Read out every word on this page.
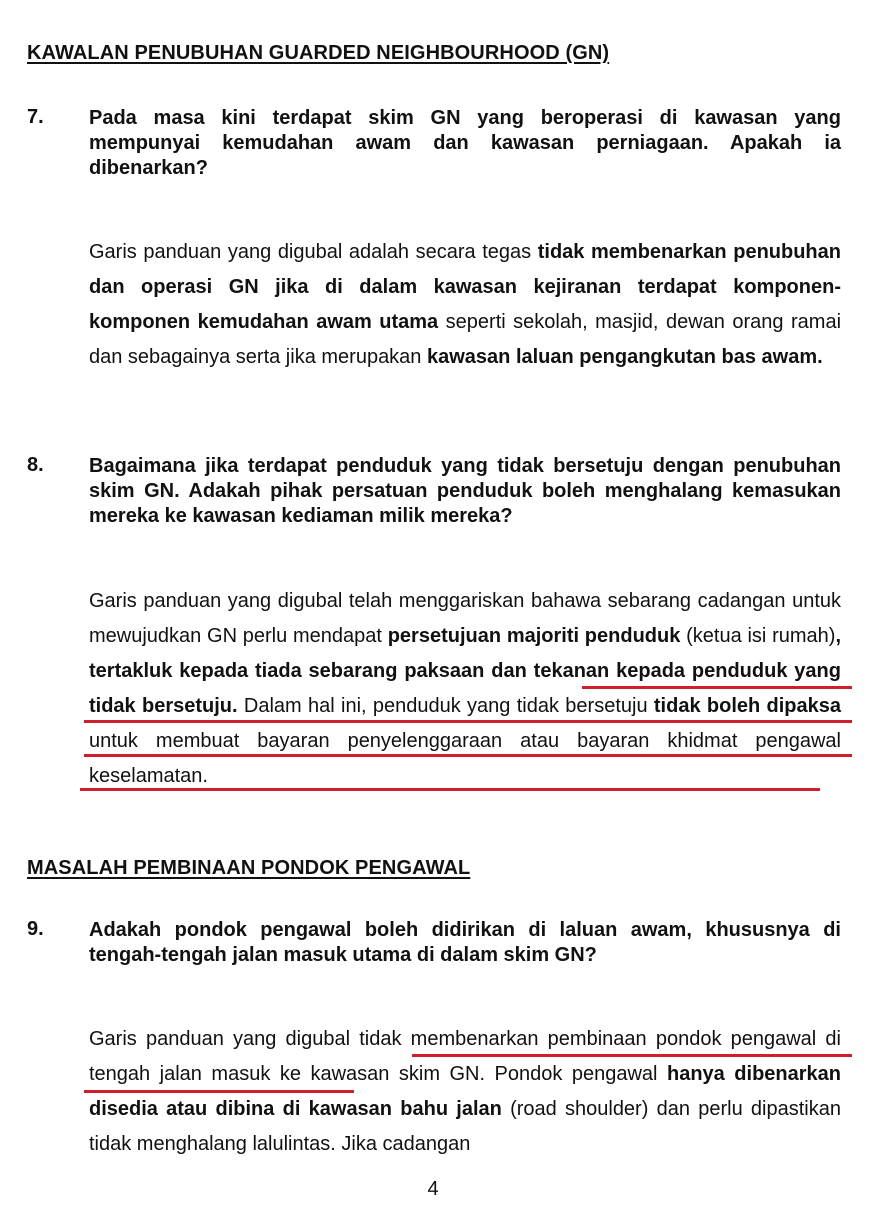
KAWALAN PENUBUHAN GUARDED NEIGHBOURHOOD (GN)
7. Pada masa kini terdapat skim GN yang beroperasi di kawasan yang mempunyai kemudahan awam dan kawasan perniagaan. Apakah ia dibenarkan?

Garis panduan yang digubal adalah secara tegas tidak membenarkan penubuhan dan operasi GN jika di dalam kawasan kejiranan terdapat komponen-komponen kemudahan awam utama seperti sekolah, masjid, dewan orang ramai dan sebagainya serta jika merupakan kawasan laluan pengangkutan bas awam.

8. Bagaimana jika terdapat penduduk yang tidak bersetuju dengan penubuhan skim GN. Adakah pihak persatuan penduduk boleh menghalang kemasukan mereka ke kawasan kediaman milik mereka?

Garis panduan yang digubal telah menggariskan bahawa sebarang cadangan untuk mewujudkan GN perlu mendapat persetujuan majoriti penduduk (ketua isi rumah), tertakluk kepada tiada sebarang paksaan dan tekanan kepada penduduk yang tidak bersetuju. Dalam hal ini, penduduk yang tidak bersetuju tidak boleh dipaksa untuk membuat bayaran penyelenggaraan atau bayaran khidmat pengawal keselamatan.

MASALAH PEMBINAAN PONDOK PENGAWAL
9. Adakah pondok pengawal boleh didirikan di laluan awam, khususnya di tengah-tengah jalan masuk utama di dalam skim GN?

Garis panduan yang digubal tidak membenarkan pembinaan pondok pengawal di tengah jalan masuk ke kawasan skim GN. Pondok pengawal hanya dibenarkan disedia atau dibina di kawasan bahu jalan (road shoulder) dan perlu dipastikan tidak menghalang lalulintas. Jika cadangan

4
